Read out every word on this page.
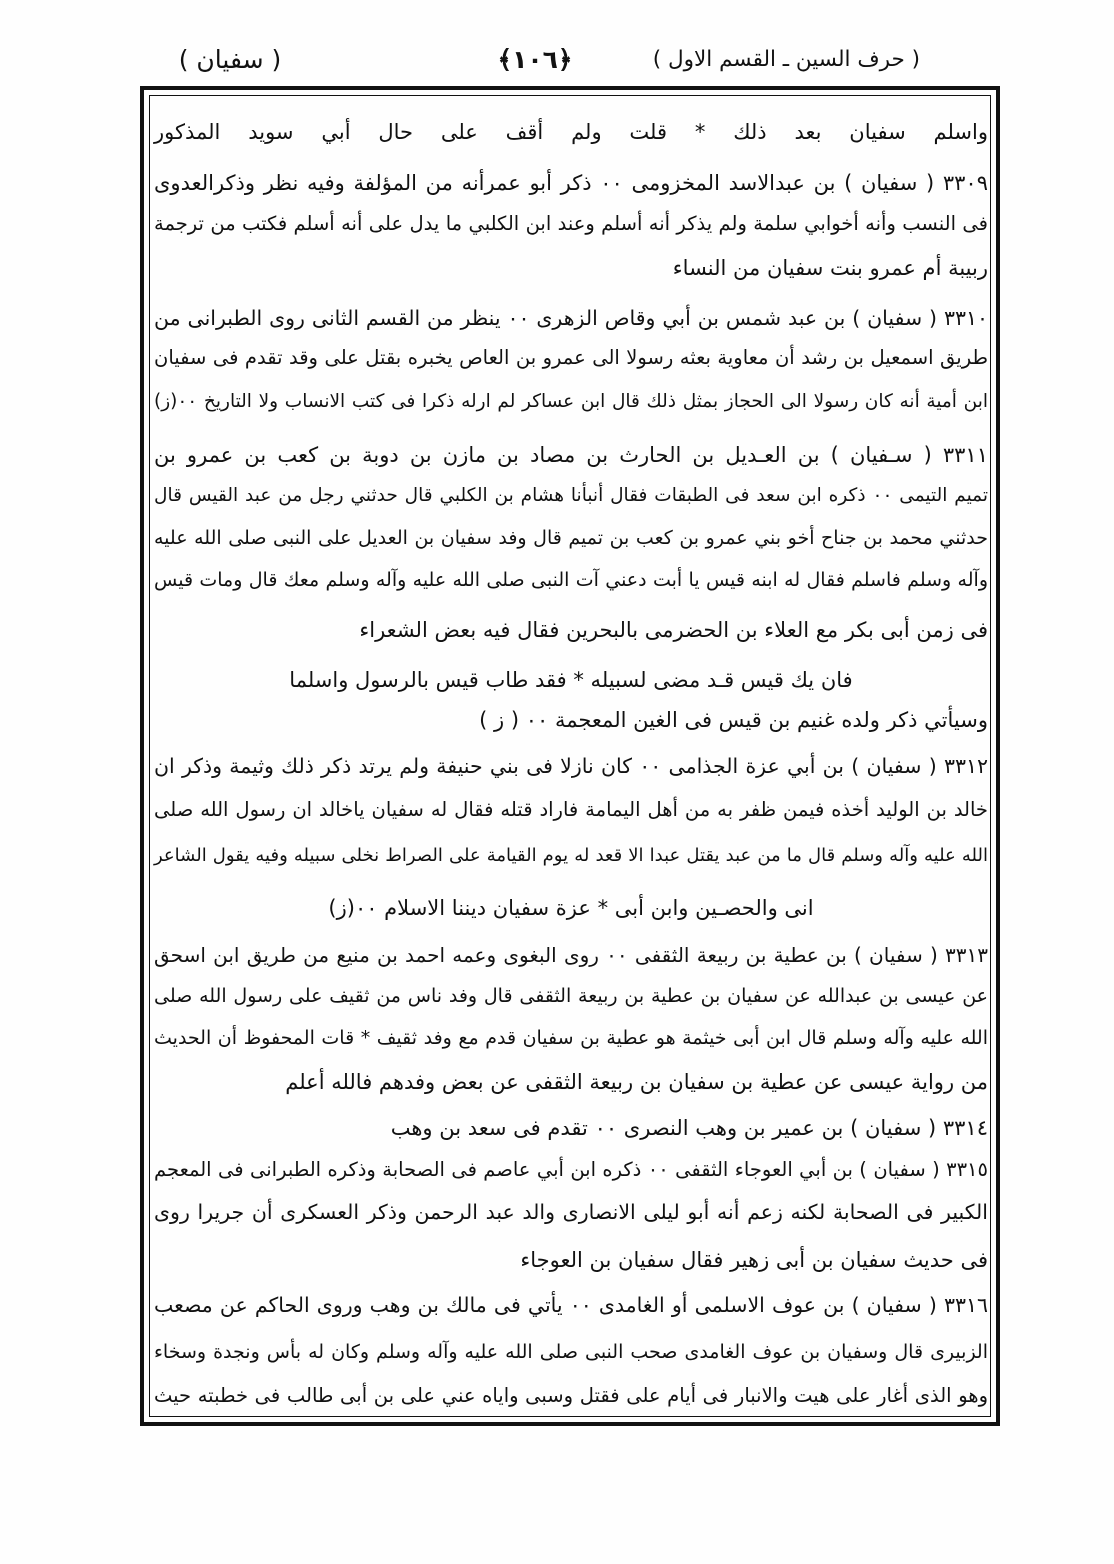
( حرف السين ـ القسم الاول )
﴿١٠٦﴾
( سفيان )
واسلم سفيان بعد ذلك * قلت ولم أقف على حال أبي سويد المذكور
٣٣٠٩ ( سفيان ) بن عبدالاسد المخزومى ٠٠ ذكر أبو عمرأنه من المؤلفة وفيه نظر وذكرالعدوى
فى النسب وأنه أخوابي سلمة ولم يذكر أنه أسلم وعند ابن الكلبي ما يدل على أنه أسلم فكتب من ترجمة
ربيبة أم عمرو بنت سفيان من النساء
٣٣١٠ ( سفيان ) بن عبد شمس بن أبي وقاص الزهرى ٠٠ ينظر من القسم الثانى روى الطبرانى من
طريق اسمعيل بن رشد أن معاوية بعثه رسولا الى عمرو بن العاص يخبره بقتل على وقد تقدم فى سفيان
ابن أمية أنه كان رسولا الى الحجاز بمثل ذلك قال ابن عساكر لم ارله ذكرا فى كتب الانساب ولا التاريخ ٠٠(ز)
٣٣١١ ( سـفيان ) بن العـديل بن الحارث بن مصاد بن مازن بن دوبة بن كعب بن عمرو بن
تميم التيمى ٠٠ ذكره ابن سعد فى الطبقات فقال أنبأنا هشام بن الكلبي قال حدثني رجل من عبد القيس قال
حدثني محمد بن جناح أخو بني عمرو بن كعب بن تميم قال وفد سفيان بن العديل على النبى صلى الله عليه
وآله وسلم فاسلم فقال له ابنه قيس يا أبت دعني آت النبى صلى الله عليه وآله وسلم معك قال ومات قيس
فى زمن أبى بكر مع العلاء بن الحضرمى بالبحرين فقال فيه بعض الشعراء
فان يك قيس قـد مضى لسبيله * فقد طاب قيس بالرسول واسلما
وسيأتي ذكر ولده غنيم بن قيس فى الغين المعجمة ٠٠ ( ز )
٣٣١٢ ( سفيان ) بن أبي عزة الجذامى ٠٠ كان نازلا فى بني حنيفة ولم يرتد ذكر ذلك وثيمة وذكر ان
خالد بن الوليد أخذه فيمن ظفر به من أهل اليمامة فاراد قتله فقال له سفيان ياخالد ان رسول الله صلى
الله عليه وآله وسلم قال ما من عبد يقتل عبدا الا قعد له يوم القيامة على الصراط نخلى سبيله وفيه يقول الشاعر
انى والحصـين وابن أبى * عزة سفيان ديننا الاسلام ٠٠(ز)
٣٣١٣ ( سفيان ) بن عطية بن ربيعة الثقفى ٠٠ روى البغوى وعمه احمد بن منيع من طريق ابن اسحق
عن عيسى بن عبدالله عن سفيان بن عطية بن ربيعة الثقفى قال وفد ناس من ثقيف على رسول الله صلى
الله عليه وآله وسلم قال ابن أبى خيثمة هو عطية بن سفيان قدم مع وفد ثقيف * قات المحفوظ أن الحديث
من رواية عيسى عن عطية بن سفيان بن ربيعة الثقفى عن بعض وفدهم فالله أعلم
٣٣١٤ ( سفيان ) بن عمير بن وهب النصرى ٠٠ تقدم فى سعد بن وهب
٣٣١٥ ( سفيان ) بن أبي العوجاء الثقفى ٠٠ ذكره ابن أبي عاصم فى الصحابة وذكره الطبرانى فى المعجم
الكبير فى الصحابة لكنه زعم أنه أبو ليلى الانصارى والد عبد الرحمن وذكر العسكرى أن جريرا روى
فى حديث سفيان بن أبى زهير فقال سفيان بن العوجاء
٣٣١٦ ( سفيان ) بن عوف الاسلمى أو الغامدى ٠٠ يأتي فى مالك بن وهب وروى الحاكم عن مصعب
الزبيرى قال وسفيان بن عوف الغامدى صحب النبى صلى الله عليه وآله وسلم وكان له بأس ونجدة وسخاء
وهو الذى أغار على هيت والانبار فى أيام على فقتل وسبى واياه عني على بن أبى طالب فى خطبته حيث
